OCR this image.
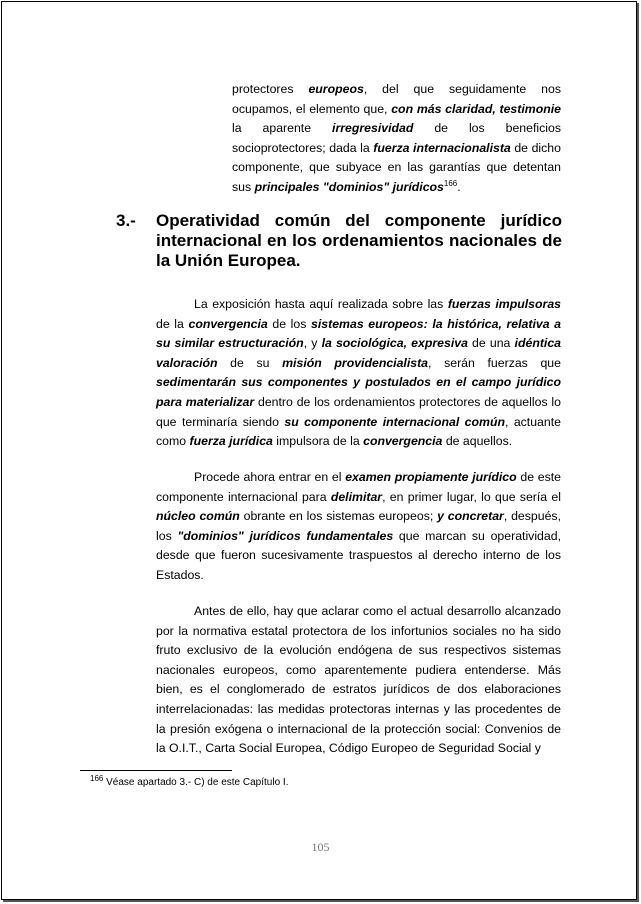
protectores europeos, del que seguidamente nos ocupamos, el elemento que, con más claridad, testimonie la aparente irregresividad de los beneficios socioprotectores; dada la fuerza internacionalista de dicho componente, que subyace en las garantías que detentan sus principales "dominios" jurídicos$^{166}$.

3.- Operatividad común del componente jurídico internacional en los ordenamientos nacionales de la Unión Europea.

La exposición hasta aquí realizada sobre las fuerzas impulsoras de la convergencia de los sistemas europeos: la histórica, relativa a su similar estructuración, y la sociológica, expresiva de una idéntica valoración de su misión providencialista, serán fuerzas que sedimentarán sus componentes y postulados en el campo jurídico para materializar dentro de los ordenamientos protectores de aquellos lo que terminaría siendo su componente internacional común, actuante como fuerza jurídica impulsora de la convergencia de aquellos.

Procede ahora entrar en el examen propiamente jurídico de este componente internacional para delimitar, en primer lugar, lo que sería el núcleo común obrante en los sistemas europeos; y concretar, después, los "dominios" jurídicos fundamentales que marcan su operatividad, desde que fueron sucesivamente traspuestos al derecho interno de los Estados.

Antes de ello, hay que aclarar como el actual desarrollo alcanzado por la normativa estatal protectora de los infortunios sociales no ha sido fruto exclusivo de la evolución endógena de sus respectivos sistemas nacionales europeos, como aparentemente pudiera entenderse. Más bien, es el conglomerado de estratos jurídicos de dos elaboraciones interrelacionadas: las medidas protectoras internas y las procedentes de la presión exógena o internacional de la protección social: Convenios de la O.I.T., Carta Social Europea, Código Europeo de Seguridad Social y

$^{166}$ Véase apartado 3.- C) de este Capítulo I.
105
